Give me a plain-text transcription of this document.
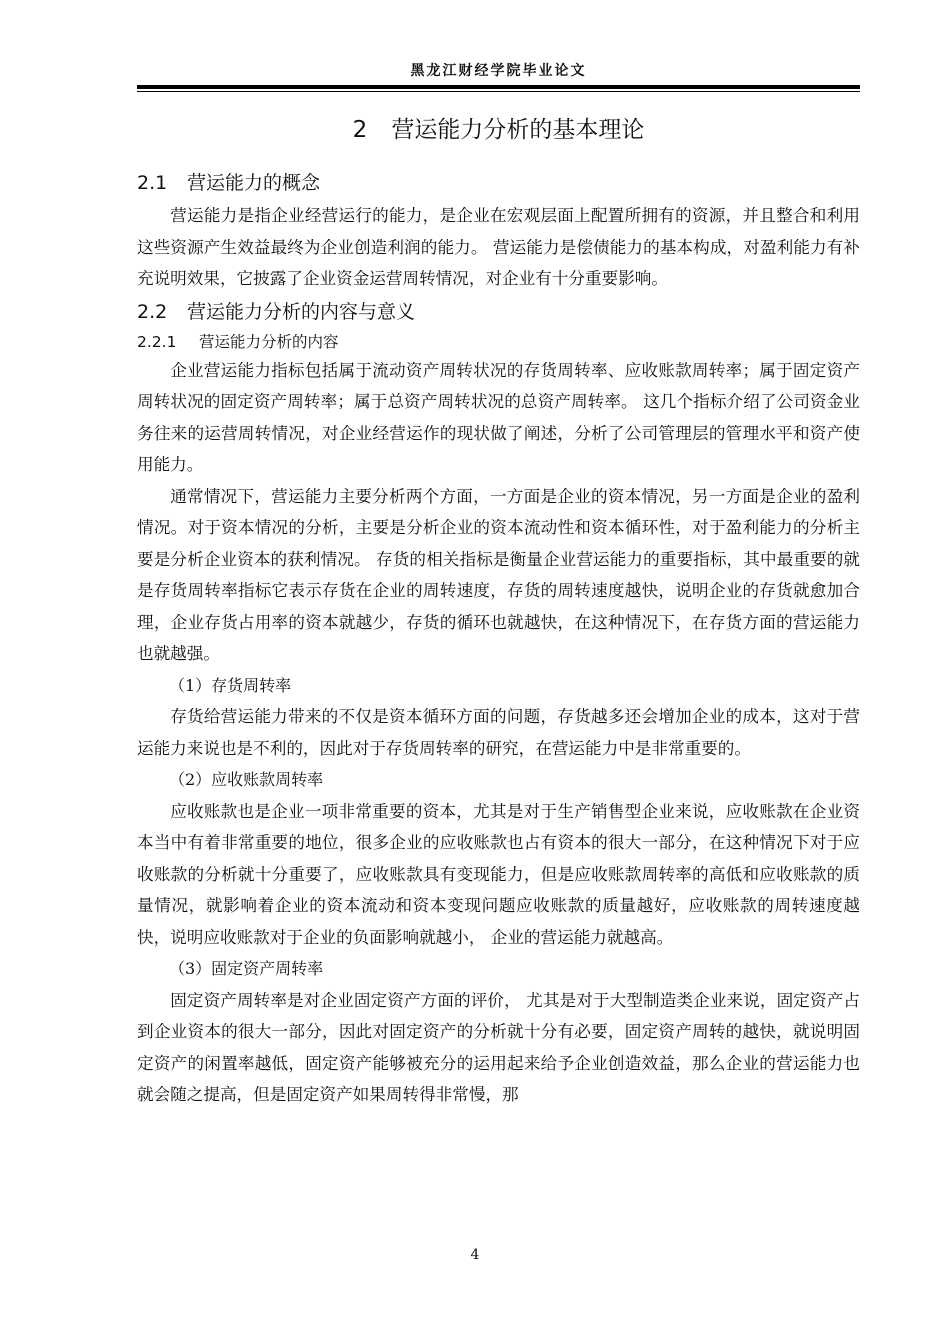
黑龙江财经学院毕业论文
2 营运能力分析的基本理论
2.1 营运能力的概念

营运能力是指企业经营运行的能力，是企业在宏观层面上配置所拥有的资源，并且整合和利用这些资源产生效益最终为企业创造利润的能力。 营运能力是偿债能力的基本构成，对盈利能力有补充说明效果，它披露了企业资金运营周转情况，对企业有十分重要影响。

2.2 营运能力分析的内容与意义
2.2.1 营运能力分析的内容

企业营运能力指标包括属于流动资产周转状况的存货周转率、应收账款周转率；属于固定资产周转状况的固定资产周转率；属于总资产周转状况的总资产周转率。 这几个指标介绍了公司资金业务往来的运营周转情况，对企业经营运作的现状做了阐述，分析了公司管理层的管理水平和资产使用能力。

通常情况下，营运能力主要分析两个方面，一方面是企业的资本情况，另一方面是企业的盈利情况。对于资本情况的分析，主要是分析企业的资本流动性和资本循环性，对于盈利能力的分析主要是分析企业资本的获利情况。 存货的相关指标是衡量企业营运能力的重要指标，其中最重要的就是存货周转率指标它表示存货在企业的周转速度，存货的周转速度越快，说明企业的存货就愈加合理，企业存货占用率的资本就越少，存货的循环也就越快，在这种情况下，在存货方面的营运能力也就越强。

（1）存货周转率

存货给营运能力带来的不仅是资本循环方面的问题，存货越多还会增加企业的成本，这对于营运能力来说也是不利的，因此对于存货周转率的研究，在营运能力中是非常重要的。

（2）应收账款周转率

应收账款也是企业一项非常重要的资本，尤其是对于生产销售型企业来说，应收账款在企业资本当中有着非常重要的地位，很多企业的应收账款也占有资本的很大一部分，在这种情况下对于应收账款的分析就十分重要了，应收账款具有变现能力，但是应收账款周转率的高低和应收账款的质量情况，就影响着企业的资本流动和资本变现问题应收账款的质量越好，应收账款的周转速度越快，说明应收账款对于企业的负面影响就越小， 企业的营运能力就越高。

（3）固定资产周转率

固定资产周转率是对企业固定资产方面的评价， 尤其是对于大型制造类企业来说，固定资产占到企业资本的很大一部分，因此对固定资产的分析就十分有必要，固定资产周转的越快，就说明固定资产的闲置率越低，固定资产能够被充分的运用起来给予企业创造效益，那么企业的营运能力也就会随之提高，但是固定资产如果周转得非常慢，那

4
